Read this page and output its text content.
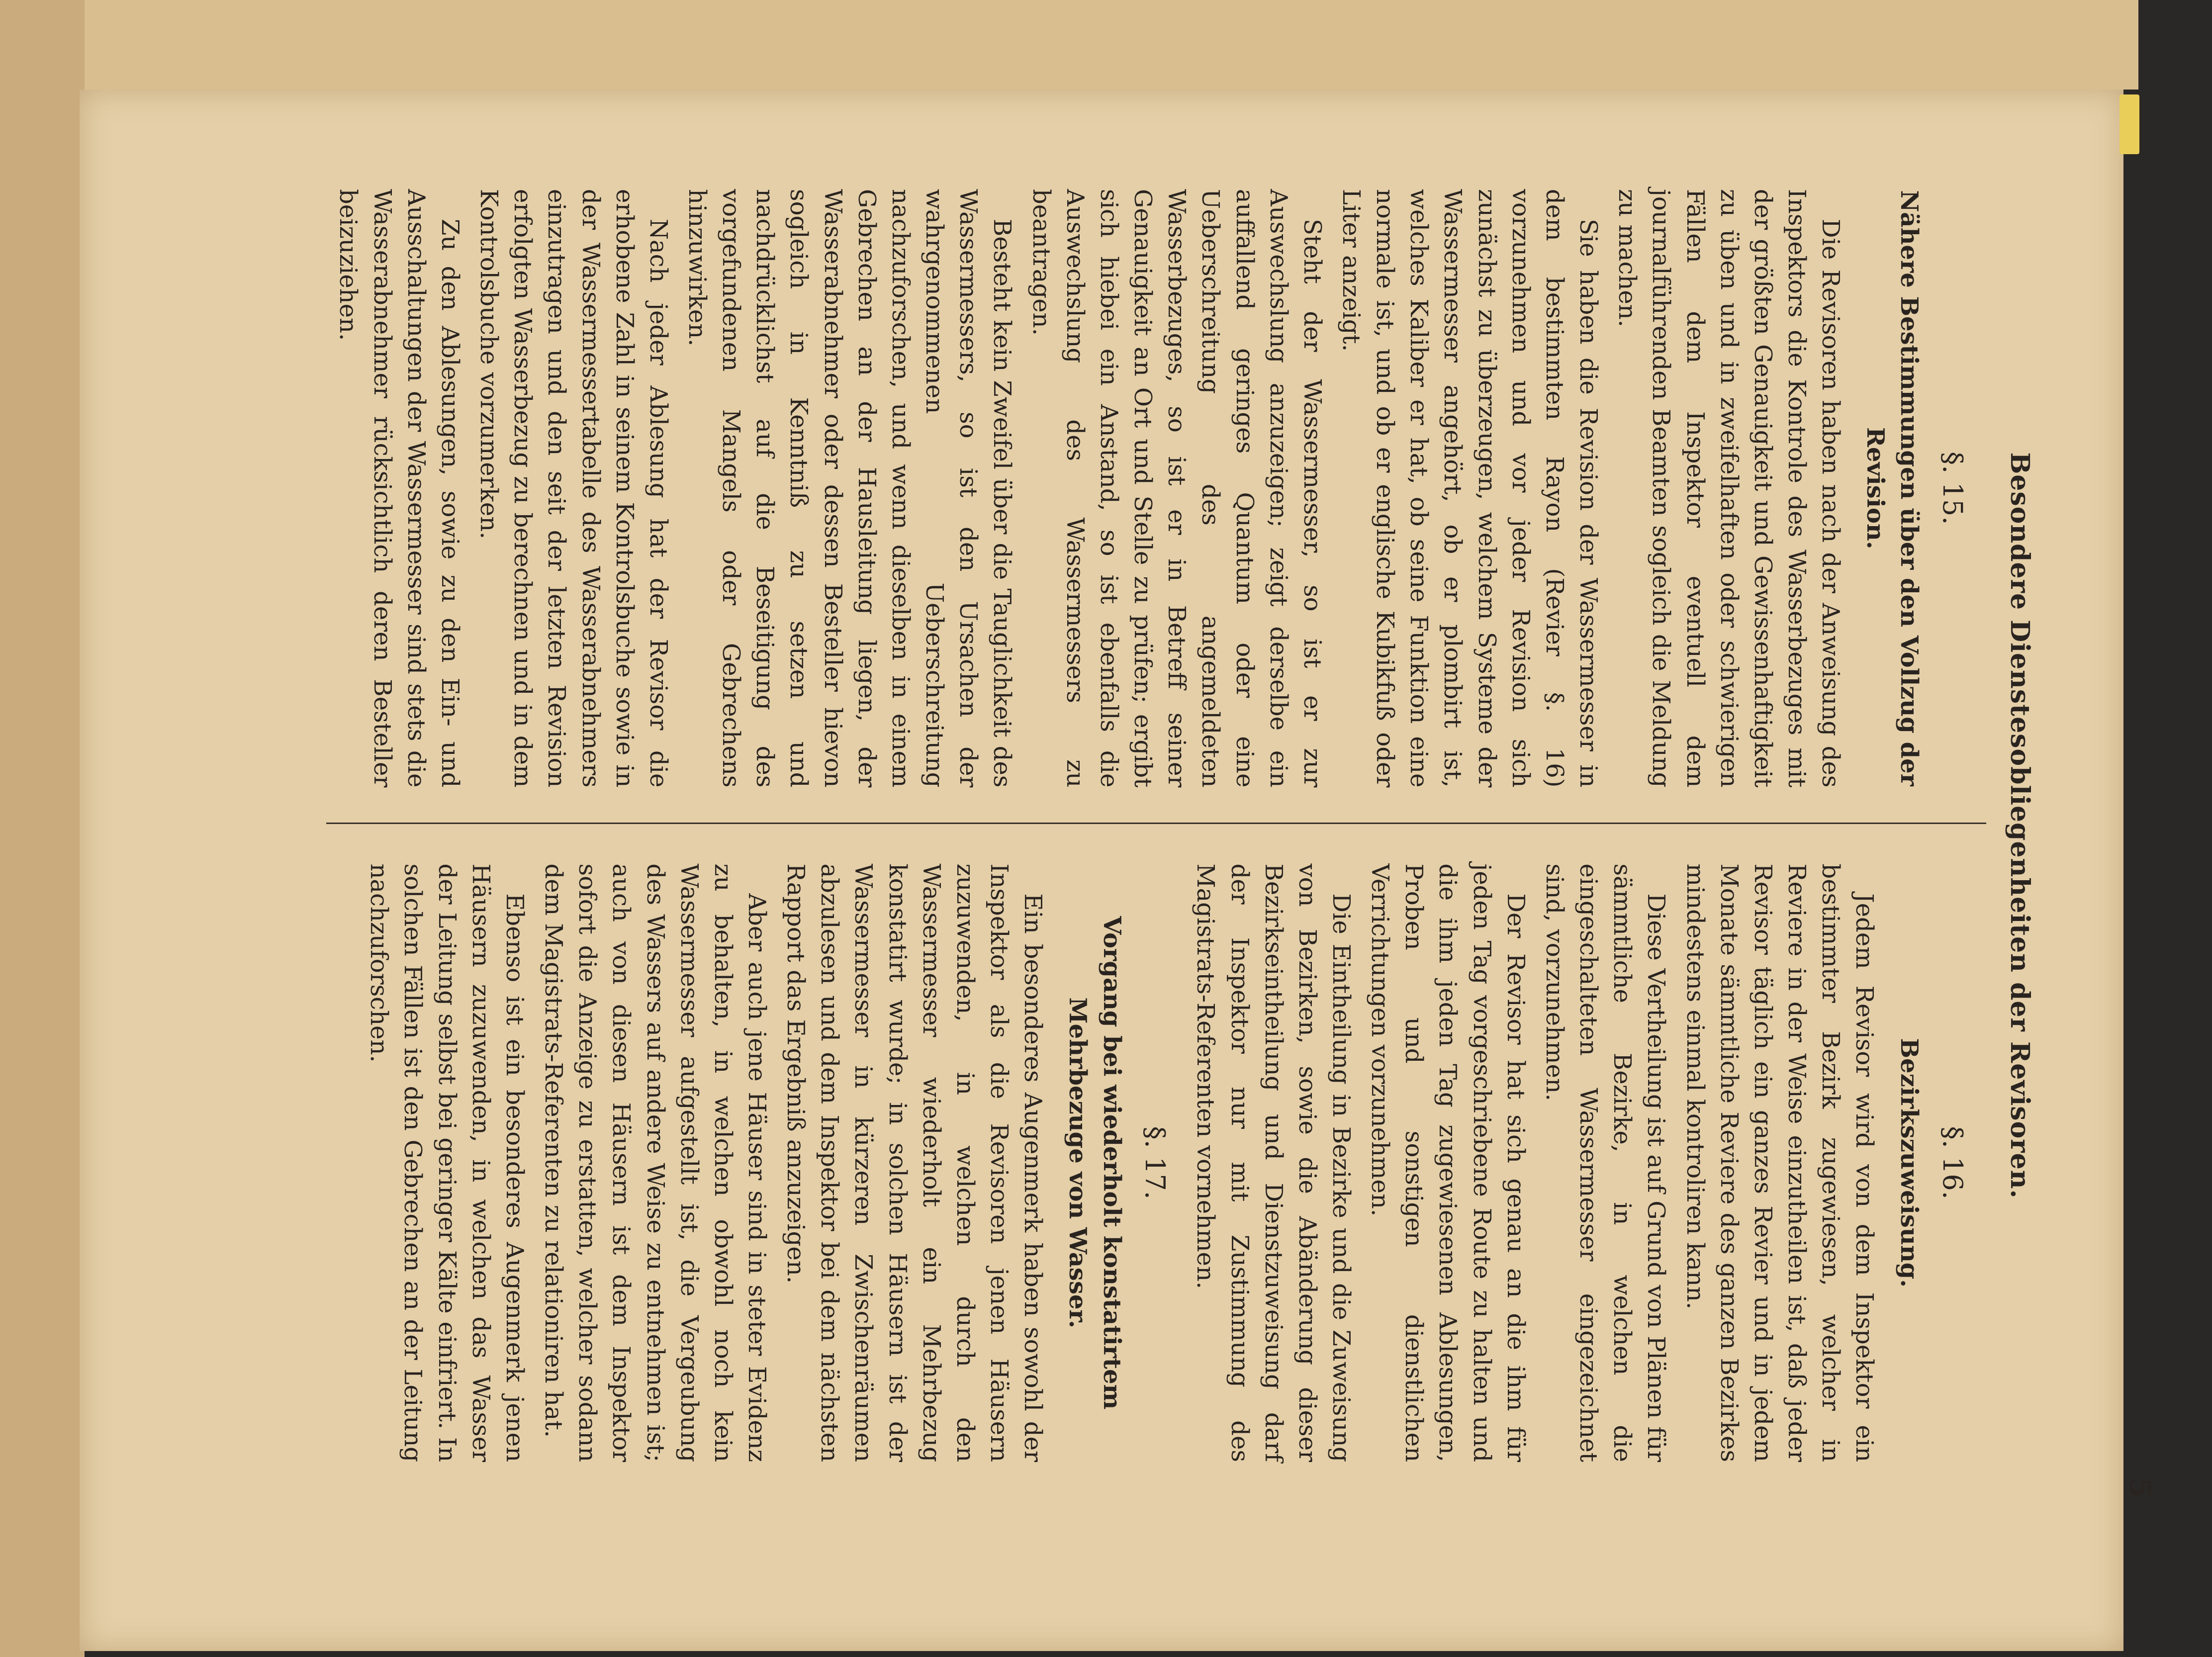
5
Besondere Dienstesobliegenheiten der Revisoren.
§. 15.
Nähere Bestimmungen über den Vollzug der Revision.

Die Revisoren haben nach der Anweisung des Inspektors die Kontrole des Wasserbezuges mit der größten Genauigkeit und Gewissenhaftigkeit zu üben und in zweifelhaften oder schwierigen Fällen dem Inspektor eventuell dem journalführenden Beamten sogleich die Meldung zu machen.

Sie haben die Revision der Wassermesser in dem bestimmten Rayon (Revier §. 16) vorzunehmen und vor jeder Revision sich zunächst zu überzeugen, welchem Systeme der Wassermesser angehört, ob er plombirt ist, welches Kaliber er hat, ob seine Funktion eine normale ist, und ob er englische Kubikfuß oder Liter anzeigt.

Steht der Wassermesser, so ist er zur Auswechslung anzuzeigen; zeigt derselbe ein auffallend geringes Quantum oder eine Ueberschreitung des angemeldeten Wasserbezuges, so ist er in Betreff seiner Genauigkeit an Ort und Stelle zu prüfen; ergibt sich hiebei ein Anstand, so ist ebenfalls die Auswechslung des Wassermessers zu beantragen.

Besteht kein Zweifel über die Tauglichkeit des Wassermessers, so ist den Ursachen der wahrgenommenen Ueberschreitung nachzuforschen, und wenn dieselben in einem Gebrechen an der Hausleitung liegen, der Wasserabnehmer oder dessen Besteller hievon sogleich in Kenntniß zu setzen und nachdrücklichst auf die Beseitigung des vorgefundenen Mangels oder Gebrechens hinzuwirken.

Nach jeder Ablesung hat der Revisor die erhobene Zahl in seinem Kontrolsbuche sowie in der Wassermessertabelle des Wasserabnehmers einzutragen und den seit der letzten Revision erfolgten Wasserbezug zu berechnen und in dem Kontrolsbuche vorzumerken.

Zu den Ablesungen, sowie zu den Ein- und Ausschaltungen der Wassermesser sind stets die Wasserabnehmer rücksichtlich deren Besteller beizuziehen.

§. 16.
Bezirkszuweisung.

Jedem Revisor wird von dem Inspektor ein bestimmter Bezirk zugewiesen, welcher in Reviere in der Weise einzutheilen ist, daß jeder Revisor täglich ein ganzes Revier und in jedem Monate sämmtliche Reviere des ganzen Bezirkes mindestens einmal kontroliren kann.

Diese Vertheilung ist auf Grund von Plänen für sämmtliche Bezirke, in welchen die eingeschalteten Wassermesser eingezeichnet sind, vorzunehmen.

Der Revisor hat sich genau an die ihm für jeden Tag vorgeschriebene Route zu halten und die ihm jeden Tag zugewiesenen Ablesungen, Proben und sonstigen dienstlichen Verrichtungen vorzunehmen.

Die Eintheilung in Bezirke und die Zuweisung von Bezirken, sowie die Abänderung dieser Bezirkseintheilung und Dienstzuweisung darf der Inspektor nur mit Zustimmung des Magistrats-Referenten vornehmen.

§. 17.
Vorgang bei wiederholt konstatirtem Mehrbezuge von Wasser.

Ein besonderes Augenmerk haben sowohl der Inspektor als die Revisoren jenen Häusern zuzuwenden, in welchen durch den Wassermesser wiederholt ein Mehrbezug konstatirt wurde; in solchen Häusern ist der Wassermesser in kürzeren Zwischenräumen abzulesen und dem Inspektor bei dem nächsten Rapport das Ergebniß anzuzeigen.

Aber auch jene Häuser sind in steter Evidenz zu behalten, in welchen obwohl noch kein Wassermesser aufgestellt ist, die Vergeubung des Wassers auf andere Weise zu entnehmen ist; auch von diesen Häusern ist dem Inspektor sofort die Anzeige zu erstatten, welcher sodann dem Magistrats-Referenten zu relationiren hat.

Ebenso ist ein besonderes Augenmerk jenen Häusern zuzuwenden, in welchen das Wasser der Leitung selbst bei geringer Kälte einfriert. In solchen Fällen ist den Gebrechen an der Leitung nachzuforschen.
